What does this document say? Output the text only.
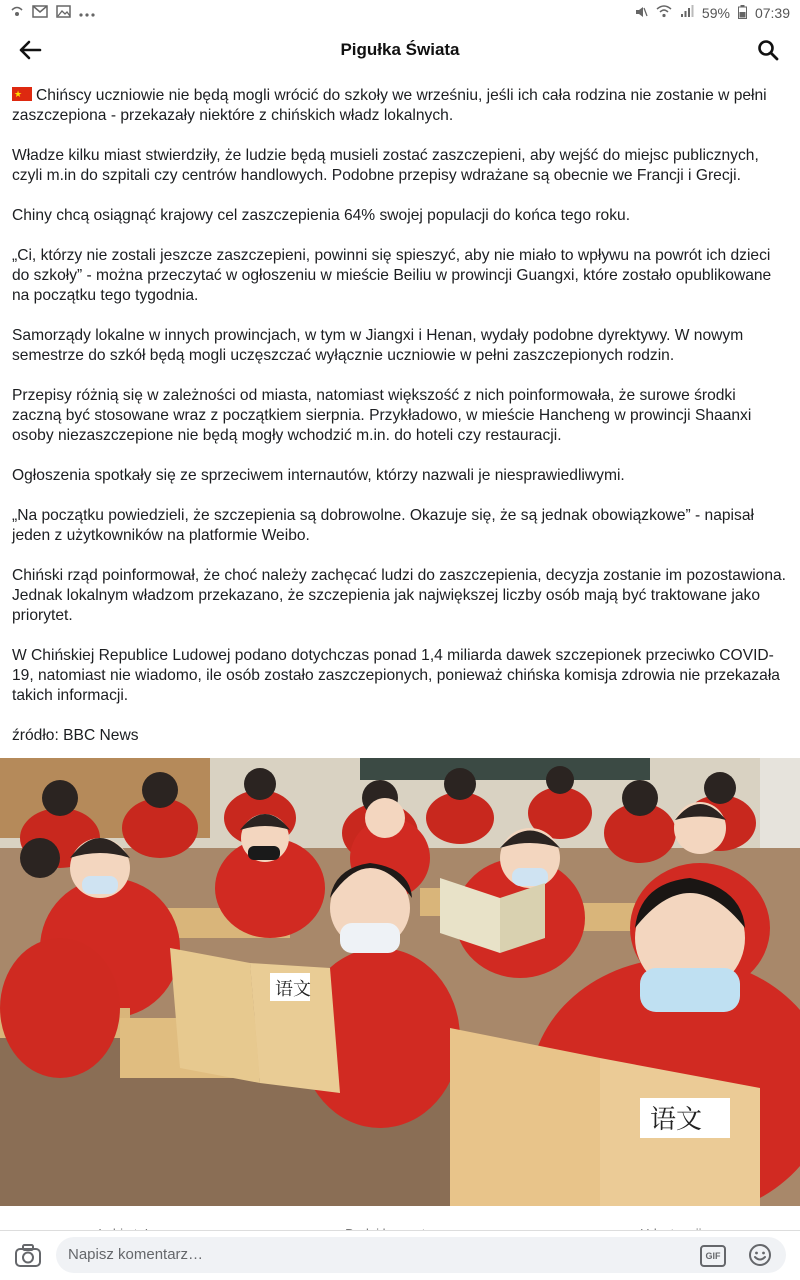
59% 07:39
Pigułka Świata

★Chińscy uczniowie nie będą mogli wrócić do szkoły we wrześniu, jeśli ich cała rodzina nie zostanie w pełni zaszczepiona - przekazały niektóre z chińskich władz lokalnych.

Władze kilku miast stwierdziły, że ludzie będą musieli zostać zaszczepieni, aby wejść do miejsc publicznych, czyli m.in do szpitali czy centrów handlowych. Podobne przepisy wdrażane są obecnie we Francji i Grecji.

Chiny chcą osiągnąć krajowy cel zaszczepienia 64% swojej populacji do końca tego roku.

„Ci, którzy nie zostali jeszcze zaszczepieni, powinni się spieszyć, aby nie miało to wpływu na powrót ich dzieci do szkoły” - można przeczytać w ogłoszeniu w mieście Beiliu w prowincji Guangxi, które zostało opublikowane na początku tego tygodnia.

Samorządy lokalne w innych prowincjach, w tym w Jiangxi i Henan, wydały podobne dyrektywy. W nowym semestrze do szkół będą mogli uczęszczać wyłącznie uczniowie w pełni zaszczepionych rodzin.

Przepisy różnią się w zależności od miasta, natomiast większość z nich poinformowała, że surowe środki zaczną być stosowane wraz z początkiem sierpnia. Przykładowo, w mieście Hancheng w prowincji Shaanxi osoby niezaszczepione nie będą mogły wchodzić m.in. do hoteli czy restauracji.

Ogłoszenia spotkały się ze sprzeciwem internautów, którzy nazwali je niesprawiedliwymi.

„Na początku powiedzieli, że szczepienia są dobrowolne. Okazuje się, że są jednak obowiązkowe” - napisał jeden z użytkowników na platformie Weibo.

Chiński rząd poinformował, że choć należy zachęcać ludzi do zaszczepienia, decyzja zostanie im pozostawiona. Jednak lokalnym władzom przekazano, że szczepienia jak największej liczby osób mają być traktowane jako priorytet.

W Chińskiej Republice Ludowej podano dotychczas ponad 1,4 miliarda dawek szczepionek przeciwko COVID-19, natomiast nie wiadomo, ile osób zostało zaszczepionych, ponieważ chińska komisja zdrowia nie przekazała takich informacji.

źródło: BBC News

语文
语文
Napisz komentarz…	GIF
